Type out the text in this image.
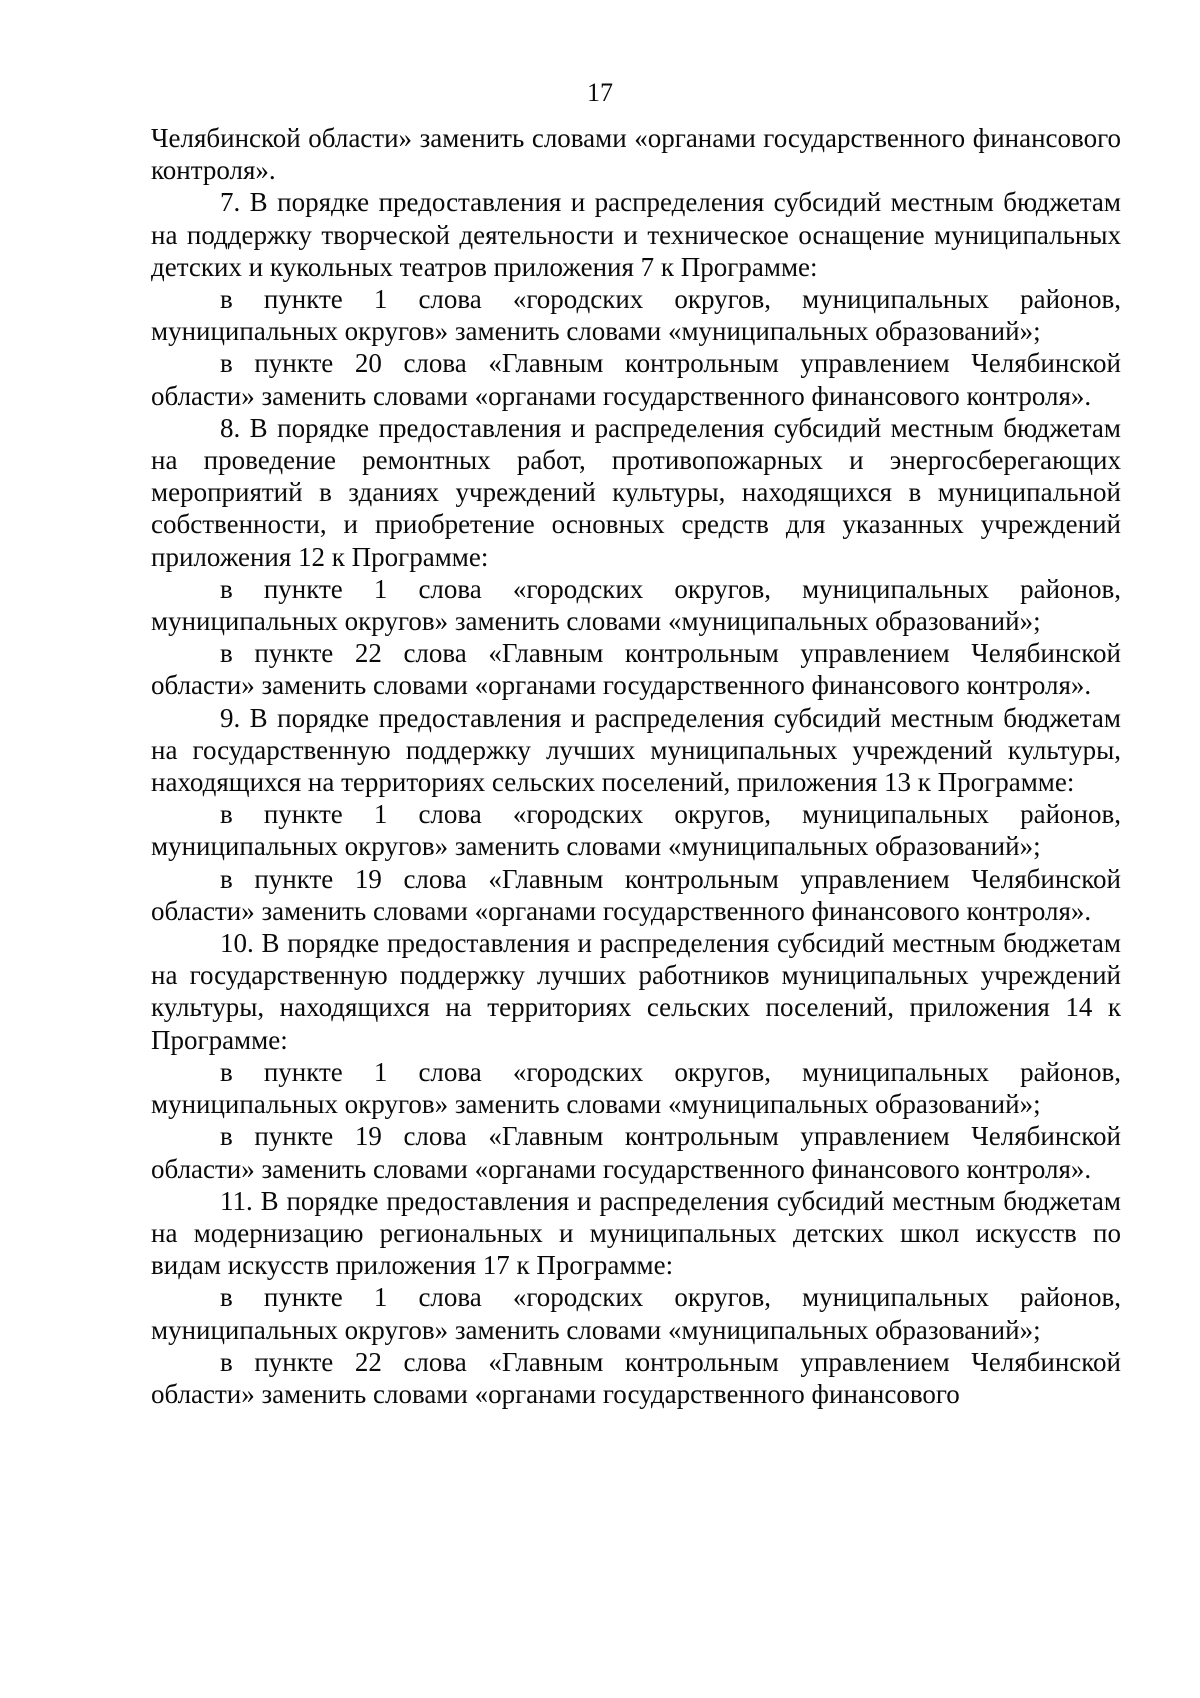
17

Челябинской области» заменить словами «органами государственного финансового контроля».

7. В порядке предоставления и распределения субсидий местным бюджетам на поддержку творческой деятельности и техническое оснащение муниципальных детских и кукольных театров приложения 7 к Программе:

в пункте 1 слова «городских округов, муниципальных районов, муниципальных округов» заменить словами «муниципальных образований»;

в пункте 20 слова «Главным контрольным управлением Челябинской области» заменить словами «органами государственного финансового контроля».

8. В порядке предоставления и распределения субсидий местным бюджетам на проведение ремонтных работ, противопожарных и энергосберегающих мероприятий в зданиях учреждений культуры, находящихся в муниципальной собственности, и приобретение основных средств для указанных учреждений приложения 12 к Программе:

в пункте 1 слова «городских округов, муниципальных районов, муниципальных округов» заменить словами «муниципальных образований»;

в пункте 22 слова «Главным контрольным управлением Челябинской области» заменить словами «органами государственного финансового контроля».

9. В порядке предоставления и распределения субсидий местным бюджетам на государственную поддержку лучших муниципальных учреждений культуры, находящихся на территориях сельских поселений, приложения 13 к Программе:

в пункте 1 слова «городских округов, муниципальных районов, муниципальных округов» заменить словами «муниципальных образований»;

в пункте 19 слова «Главным контрольным управлением Челябинской области» заменить словами «органами государственного финансового контроля».

10. В порядке предоставления и распределения субсидий местным бюджетам на государственную поддержку лучших работников муниципальных учреждений культуры, находящихся на территориях сельских поселений, приложения 14 к Программе:

в пункте 1 слова «городских округов, муниципальных районов, муниципальных округов» заменить словами «муниципальных образований»;

в пункте 19 слова «Главным контрольным управлением Челябинской области» заменить словами «органами государственного финансового контроля».

11. В порядке предоставления и распределения субсидий местным бюджетам на модернизацию региональных и муниципальных детских школ искусств по видам искусств приложения 17 к Программе:

в пункте 1 слова «городских округов, муниципальных районов, муниципальных округов» заменить словами «муниципальных образований»;

в пункте 22 слова «Главным контрольным управлением Челябинской области» заменить словами «органами государственного финансового
